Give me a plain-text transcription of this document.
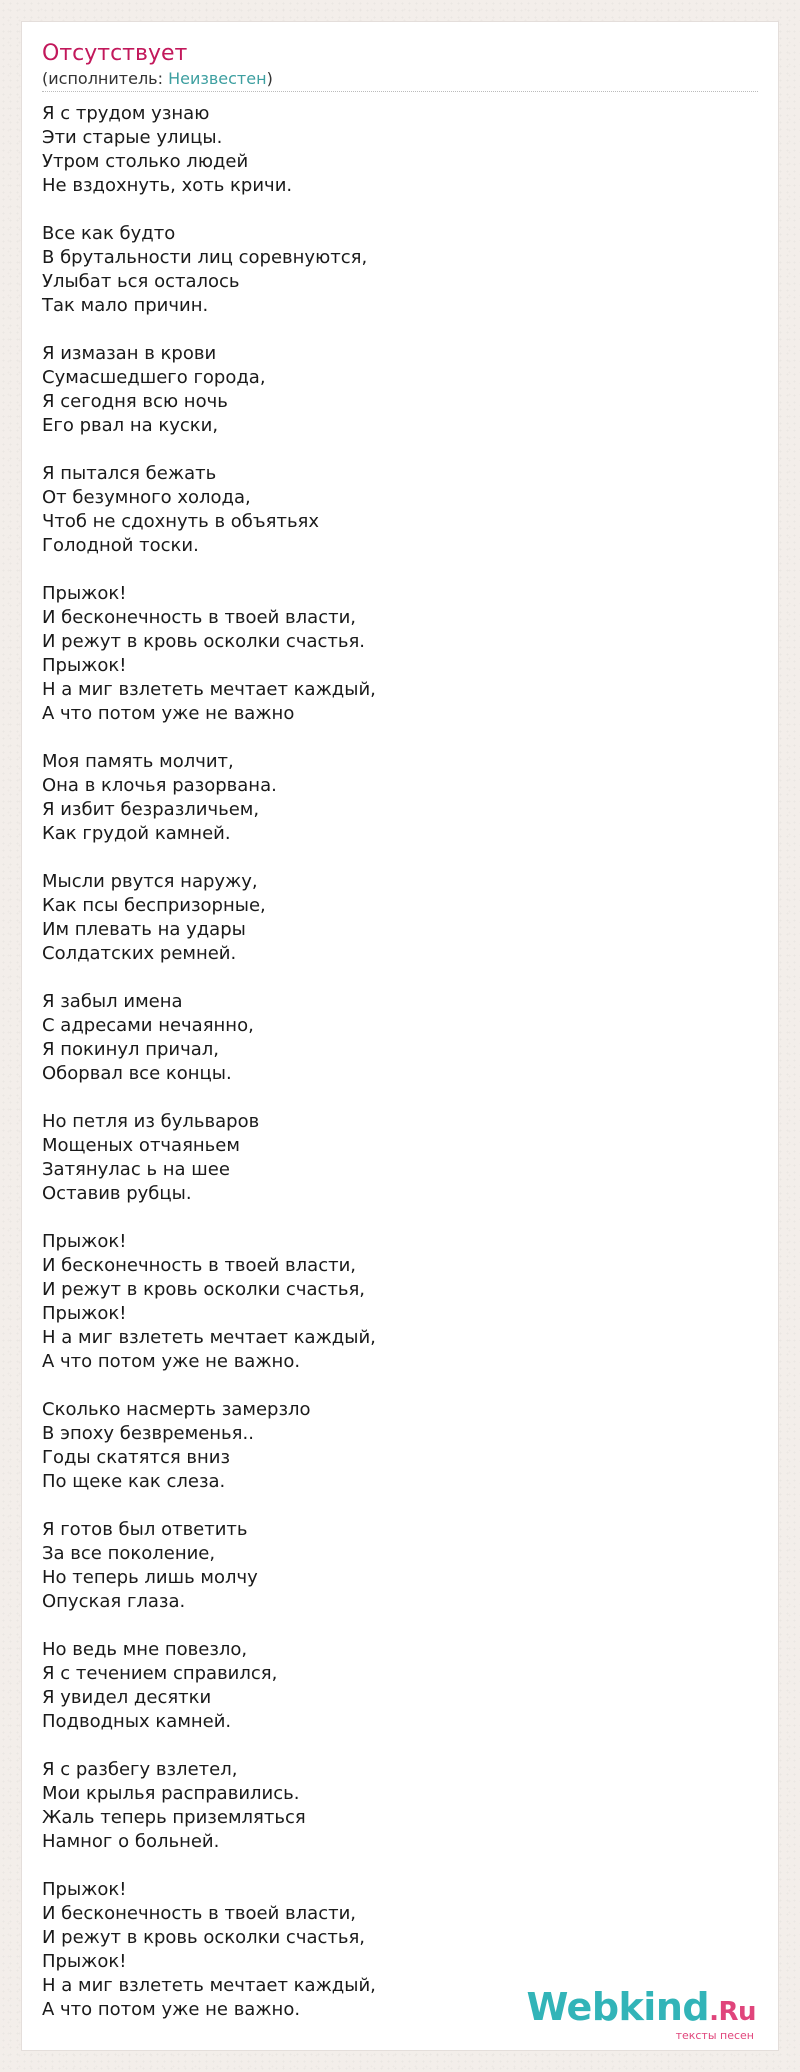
Отсутствует
(исполнитель: Неизвестен)
Я с трудом узнаю
Эти старые улицы.
Утром столько людей
Не вздохнуть, хоть кричи.

Все как будто
В брутальности лиц соревнуются,
Улыбат ься осталось
Так мало причин.

Я измазан в крови
Сумасшедшего города,
Я сегодня всю ночь
Его рвал на куски,

Я пытался бежать
От безумного холода,
Чтоб не сдохнуть в объятьях
Голодной тоски.

Прыжок!
И бесконечность в твоей власти,
И режут в кровь осколки счастья.
Прыжок!
Н а миг взлететь мечтает каждый,
А что потом уже не важно

Моя память молчит,
Она в клочья разорвана.
Я избит безразличьем,
Как грудой камней.

Мысли рвутся наружу,
Как псы беспризорные,
Им плевать на удары
Солдатских ремней.

Я забыл имена
С адресами нечаянно,
Я покинул причал,
Оборвал все концы.

Но петля из бульваров
Мощеных отчаяньем
Затянулас ь на шее
Оставив рубцы.

Прыжок!
И бесконечность в твоей власти,
И режут в кровь осколки счастья,
Прыжок!
Н а миг взлететь мечтает каждый,
А что потом уже не важно.

Сколько насмерть замерзло
В эпоху безвременья..
Годы скатятся вниз
По щеке как слеза.

Я готов был ответить
За все поколение,
Но теперь лишь молчу
Опуская глаза.

Но ведь мне повезло,
Я с течением справился,
Я увидел десятки
Подводных камней.

Я с разбегу взлетел,
Мои крылья расправились.
Жаль теперь приземляться
Намног о больней.

Прыжок!
И бесконечность в твоей власти,
И режут в кровь осколки счастья,
Прыжок!
Н а миг взлететь мечтает каждый,
А что потом уже не важно.	Webkind.Ru
тексты песен
